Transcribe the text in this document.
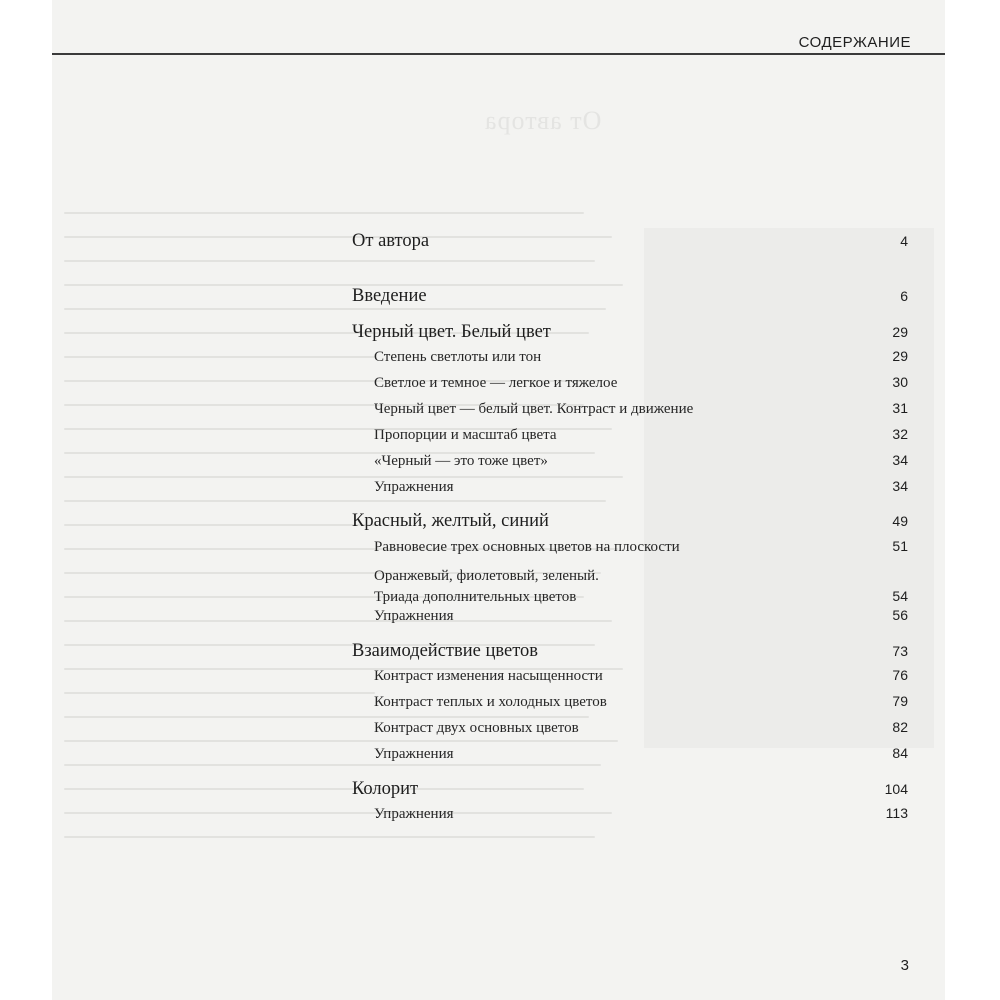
От автора
СОДЕРЖАНИЕ
От автора	4
Введение	6
Черный цвет. Белый цвет	29
Степень светлоты или тон	29
Светлое и темное — легкое и тяжелое	30
Черный цвет — белый цвет. Контраст и движение	31
Пропорции и масштаб цвета	32
«Черный — это тоже цвет»	34
Упражнения	34
Красный, желтый, синий	49
Равновесие трех основных цветов на плоскости	51
Оранжевый, фиолетовый, зеленый.
Триада дополнительных цветов	54
Упражнения	56
Взаимодействие цветов	73
Контраст изменения насыщенности	76
Контраст теплых и холодных цветов	79
Контраст двух основных цветов	82
Упражнения	84
Колорит	104
Упражнения	113
3
